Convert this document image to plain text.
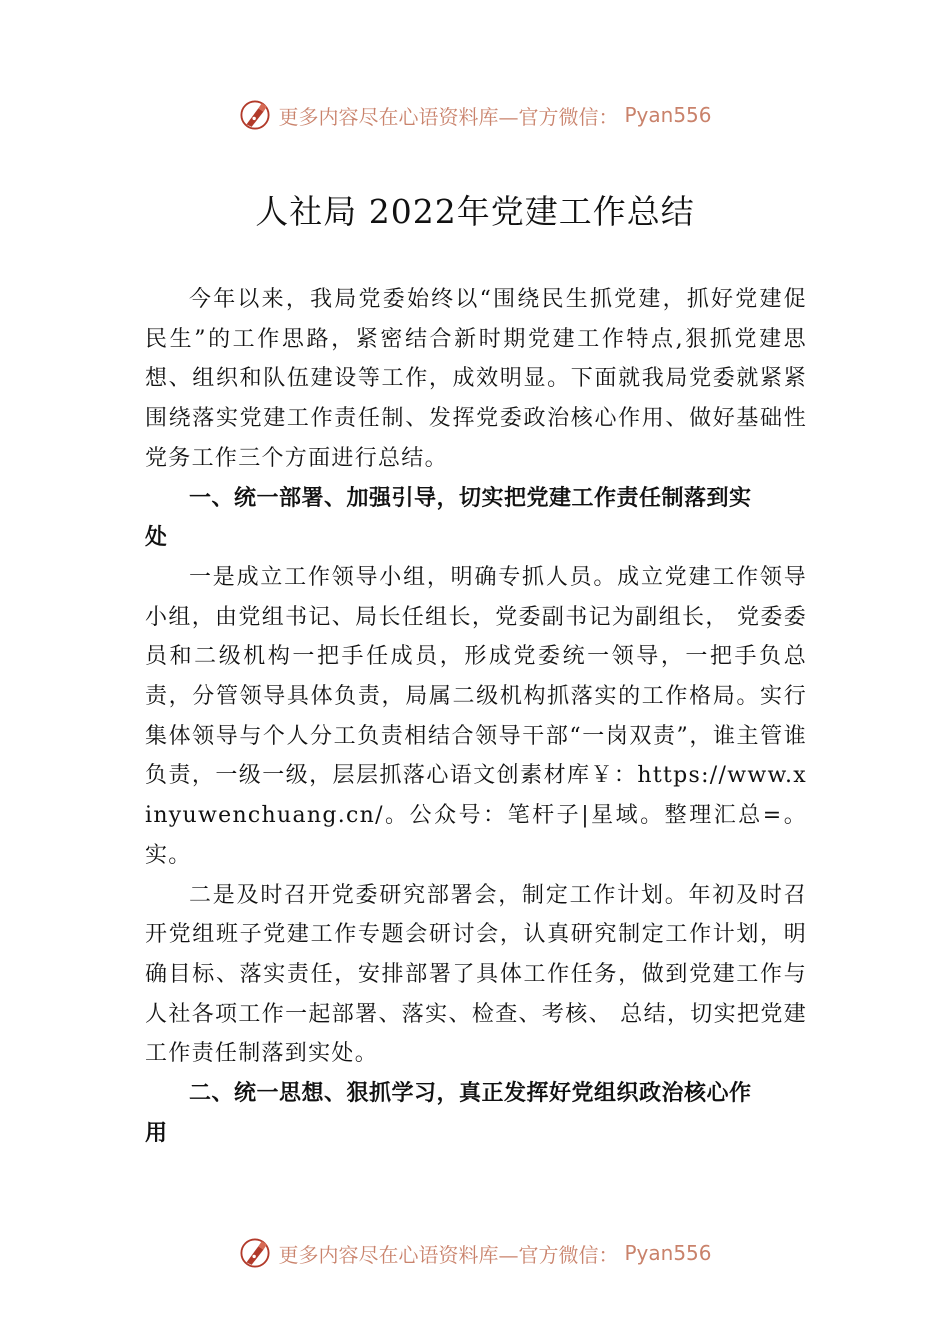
更多内容尽在心语资料库—官方微信： Pyan556
人社局 2022年党建工作总结

今年以来，我局党委始终以“围绕民生抓党建，抓好党建促民生”的工作思路，紧密结合新时期党建工作特点,狠抓党建思想、组织和队伍建设等工作，成效明显。下面就我局党委就紧紧围绕落实党建工作责任制、发挥党委政治核心作用、做好基础性党务工作三个方面进行总结。

一、统一部署、加强引导，切实把党建工作责任制落到实处

一是成立工作领导小组，明确专抓人员。成立党建工作领导小组，由党组书记、局长任组长，党委副书记为副组长， 党委委员和二级机构一把手任成员，形成党委统一领导，一把手负总责，分管领导具体负责，局属二级机构抓落实的工作格局。实行集体领导与个人分工负责相结合领导干部“一岗双责”，谁主管谁负责，一级一级，层层抓落心语文创素材库￥：https://www.xinyuwenchuang.cn/。公众号：笔杆子|星域。整理汇总=。实。

二是及时召开党委研究部署会，制定工作计划。年初及时召开党组班子党建工作专题会研讨会，认真研究制定工作计划，明确目标、落实责任，安排部署了具体工作任务，做到党建工作与人社各项工作一起部署、落实、检查、考核、 总结，切实把党建工作责任制落到实处。

二、统一思想、狠抓学习，真正发挥好党组织政治核心作用

更多内容尽在心语资料库—官方微信： Pyan556
